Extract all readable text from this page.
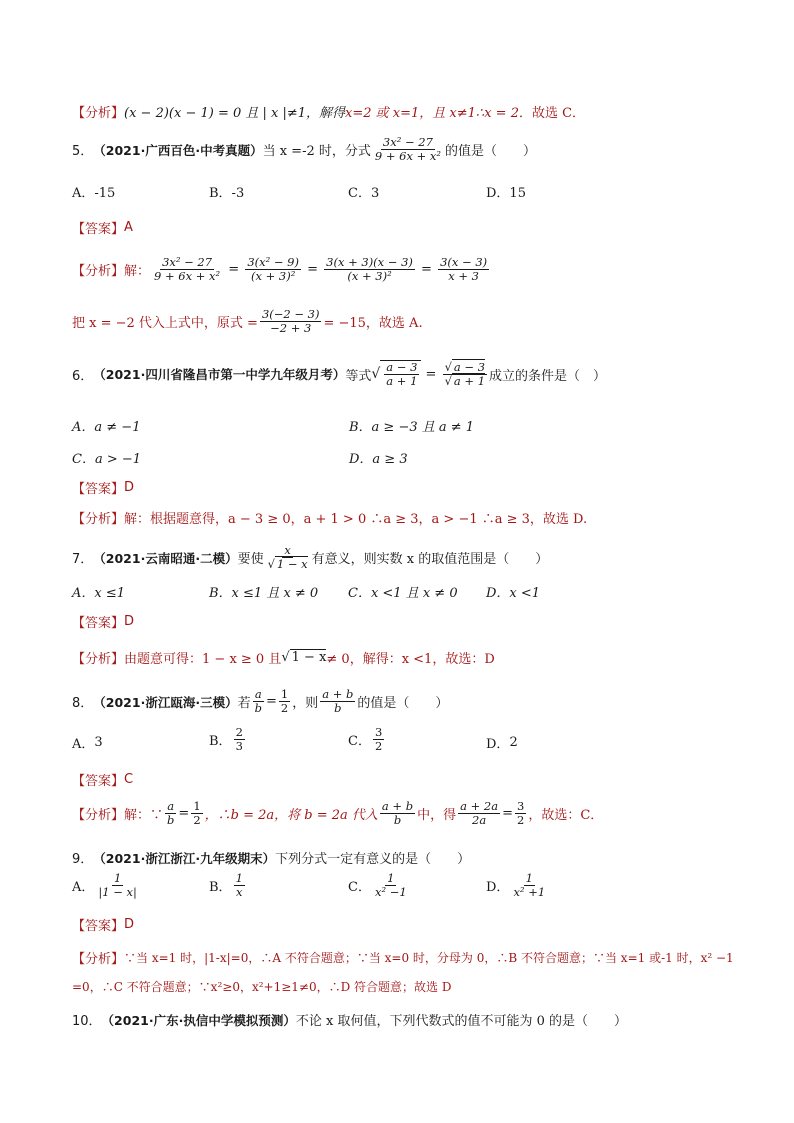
【分析】 (x − 2)(x − 1) = 0 且 | x |≠1，解得 x=2 或 x=1，且 x≠1∴x = 2 ．故选 C．
5． （2021·广西百色·中考真题） 当 x =-2 时，分式 $\frac{\text{3x² − 27}}{\text{9 + 6x + x²}}$ 的值是（　　）
A．-15	B．-3	C．3	D．15
【答案】 A
【分析】 解： $\frac{\text{3x² − 27}}{\text{9 + 6x + x²}} = \frac{\text{3(x² − 9)}}{\text{(x + 3)²}} = \frac{3(x + 3)(x - 3)}{\text{(x + 3)²}} = \frac{3(x - 3)}{x + 3}$
把 x = −2 代入上式中，原式 = $\frac{3(-2 - 3)}{-2 + 3} = -15$，故选 A.
6． （2021·四川省隆昌市第一中学九年级月考） 等式 √ $\frac{a - 3}{a + 1} = \frac{√ a - 3}{√ a + 1}$ 成立的条件是（　）
A．a ≠ −1	B．a ≥ −3 且 a ≠ 1
C．a > −1	D．a ≥ 3
【答案】 D
【分析】 解：根据题意得，a − 3 ≥ 0，a + 1 > 0 ∴a ≥ 3，a > −1 ∴a ≥ 3，故选 D.
7． （2021·云南昭通·二模） 要使 $\frac{x}{√ 1 - x}$ 有意义，则实数 x 的取值范围是（　　）
A．x ≤1	B．x ≤1 且 x ≠ 0 C．x <1 且 x ≠ 0 D．x <1
【答案】 D
【分析】 由题意可得：1 − x ≥ 0 且 √ 1 − x ≠ 0，解得：x <1，故选：D
8． （2021·浙江瓯海·三模） 若 $\frac{a}{b} = \frac{1}{2}$ ，则 $\frac{a + b}{b}$ 的值是（　　）
A． 3	B． $\frac{2}{3}$	C． $\frac{3}{2}$	D． 2
【答案】 C
【分析】 解：∵ $\frac{a}{b} = \frac{1}{2}$ ，∴b = 2a，将 b = 2a 代入 $\frac{a + b}{b}$ 中，得 $\frac{a + 2a}{2a} = \frac{3}{2}$ ，故选：C．
9． （2021·浙江浙江·九年级期末） 下列分式一定有意义的是（　　）
A． $\frac{1}{|1 - x|}$	B． $\frac{1}{x}$	C． $\frac{1}{\text{x² −1}}$	D． $\frac{1}{\text{x² +1}}$
【答案】 D
【分析】 ∵当 x=1 时，|1-x|=0，∴A 不符合题意；∵当 x=0 时，分母为 0，∴B 不符合题意；∵当 x=1 或-1 时，x² −1
=0，∴C 不符合题意；∵x²≥0，x²+1≥1≠0，∴D 符合题意；故选 D
10． （2021·广东·执信中学模拟预测） 不论 x 取何值，下列代数式的值不可能为 0 的是（　　）
